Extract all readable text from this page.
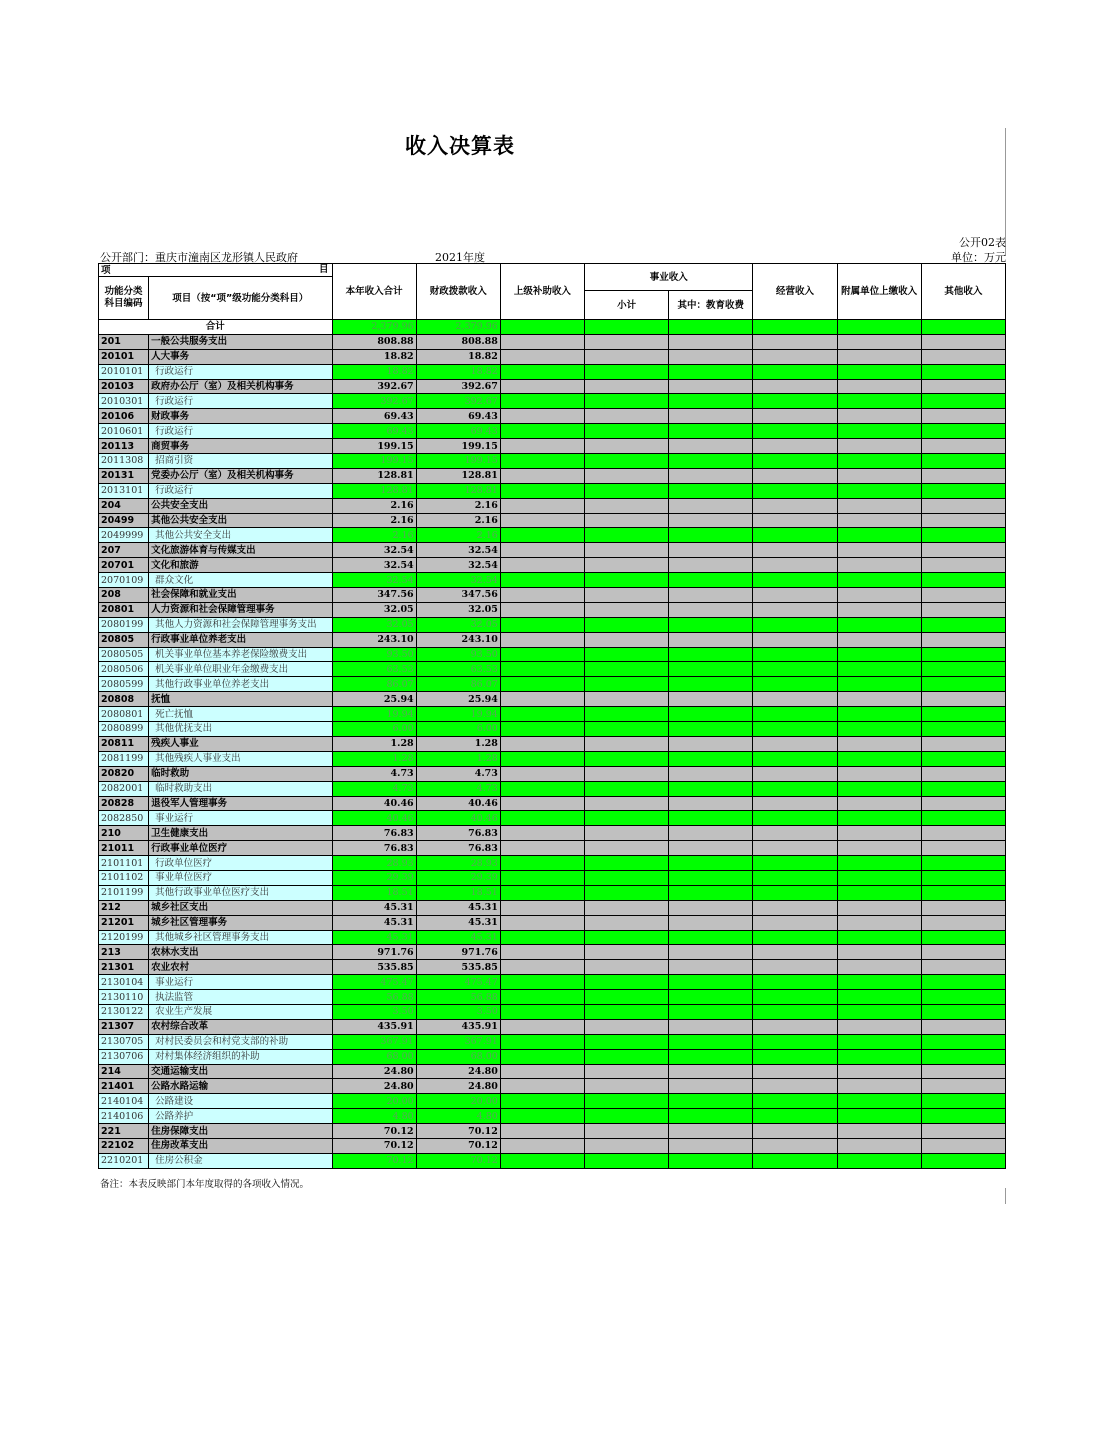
收入决算表
公开02表
公开部门：重庆市潼南区龙形镇人民政府	2021年度	单位：万元
项 目		本年收入合计	财政拨款收入	上级补助收入	事业收入		经营收入	附属单位上缴收入	其他收入
功能分类科目编码	项目（按“项”级功能分类科目）								
					小计	其中：教育收费			
合计		2,379.96	2,379.96						
201	一般公共服务支出	808.88	808.88						
20101	人大事务	18.82	18.82						
2010101	行政运行	18.82	18.82						
20103	政府办公厅（室）及相关机构事务	392.67	392.67						
2010301	行政运行	392.67	392.67						
20106	财政事务	69.43	69.43						
2010601	行政运行	69.43	69.43						
20113	商贸事务	199.15	199.15						
2011308	招商引资	199.15	199.15						
20131	党委办公厅（室）及相关机构事务	128.81	128.81						
2013101	行政运行	128.81	128.81						
204	公共安全支出	2.16	2.16						
20499	其他公共安全支出	2.16	2.16						
2049999	其他公共安全支出	2.16	2.16						
207	文化旅游体育与传媒支出	32.54	32.54						
20701	文化和旅游	32.54	32.54						
2070109	群众文化	32.54	32.54						
208	社会保障和就业支出	347.56	347.56						
20801	人力资源和社会保障管理事务	32.05	32.05						
2080199	其他人力资源和社会保障管理事务支出	32.05	32.05						
20805	行政事业单位养老支出	243.10	243.10						
2080505	机关事业单位基本养老保险缴费支出	93.50	93.50						
2080506	机关事业单位职业年金缴费支出	63.53	63.53						
2080599	其他行政事业单位养老支出	86.07	86.07						
20808	抚恤	25.94	25.94						
2080801	死亡抚恤	19.94	19.94						
2080899	其他优抚支出	6.00	6.00						
20811	残疾人事业	1.28	1.28						
2081199	其他残疾人事业支出	1.28	1.28						
20820	临时救助	4.73	4.73						
2082001	临时救助支出	4.73	4.73						
20828	退役军人管理事务	40.46	40.46						
2082850	事业运行	40.46	40.46						
210	卫生健康支出	76.83	76.83						
21011	行政事业单位医疗	76.83	76.83						
2101101	行政单位医疗	28.93	28.93						
2101102	事业单位医疗	29.39	29.39						
2101199	其他行政事业单位医疗支出	18.51	18.51						
212	城乡社区支出	45.31	45.31						
21201	城乡社区管理事务	45.31	45.31						
2120199	其他城乡社区管理事务支出	45.31	45.31						
213	农林水支出	971.76	971.76						
21301	农业农村	535.85	535.85						
2130104	事业运行	475.47	475.47						
2130110	执法监管	56.88	56.88						
2130122	农业生产发展	3.50	3.50						
21307	农村综合改革	435.91	435.91						
2130705	对村民委员会和村党支部的补助	367.91	367.91						
2130706	对村集体经济组织的补助	68.00	68.00						
214	交通运输支出	24.80	24.80						
21401	公路水路运输	24.80	24.80						
2140104	公路建设	20.00	20.00						
2140106	公路养护	4.80	4.80						
221	住房保障支出	70.12	70.12						
22102	住房改革支出	70.12	70.12						
2210201	住房公积金	70.12	70.12						
备注：本表反映部门本年度取得的各项收入情况。
